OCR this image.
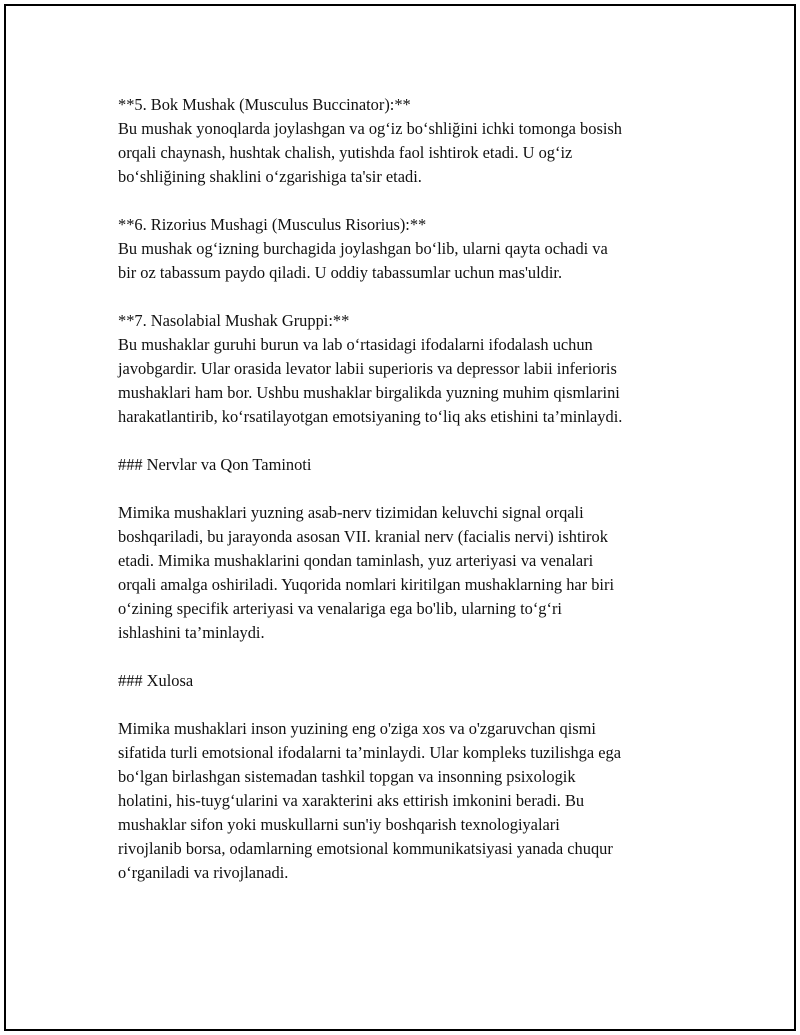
**5. Bok Mushak (Musculus Buccinator):**
Bu mushak yonoqlarda joylashgan va og‘iz bo‘shliğini ichki tomonga bosish
orqali chaynash, hushtak chalish, yutishda faol ishtirok etadi. U og‘iz
bo‘shliğining shaklini o‘zgarishiga ta'sir etadi.

**6. Rizorius Mushagi (Musculus Risorius):**
Bu mushak og‘izning burchagida joylashgan bo‘lib, ularni qayta ochadi va
bir oz tabassum paydo qiladi. U oddiy tabassumlar uchun mas'uldir.

**7. Nasolabial Mushak Gruppi:**
Bu mushaklar guruhi burun va lab o‘rtasidagi ifodalarni ifodalash uchun
javobgardir. Ular orasida levator labii superioris va depressor labii inferioris
mushaklari ham bor. Ushbu mushaklar birgalikda yuzning muhim qismlarini
harakatlantirib, ko‘rsatilayotgan emotsiyaning to‘liq aks etishini ta’minlaydi.

### Nervlar va Qon Taminoti

Mimika mushaklari yuzning asab-nerv tizimidan keluvchi signal orqali
boshqariladi, bu jarayonda asosan VII. kranial nerv (facialis nervi) ishtirok
etadi. Mimika mushaklarini qondan taminlash, yuz arteriyasi va venalari
orqali amalga oshiriladi. Yuqorida nomlari kiritilgan mushaklarning har biri
o‘zining specifik arteriyasi va venalariga ega bo'lib, ularning to‘g‘ri
ishlashini ta’minlaydi.

### Xulosa

Mimika mushaklari inson yuzining eng o'ziga xos va o'zgaruvchan qismi
sifatida turli emotsional ifodalarni ta’minlaydi. Ular kompleks tuzilishga ega
bo‘lgan birlashgan sistemadan tashkil topgan va insonning psixologik
holatini, his-tuyg‘ularini va xarakterini aks ettirish imkonini beradi. Bu
mushaklar sifon yoki muskullarni sun'iy boshqarish texnologiyalari
rivojlanib borsa, odamlarning emotsional kommunikatsiyasi yanada chuqur
o‘rganiladi va rivojlanadi.
